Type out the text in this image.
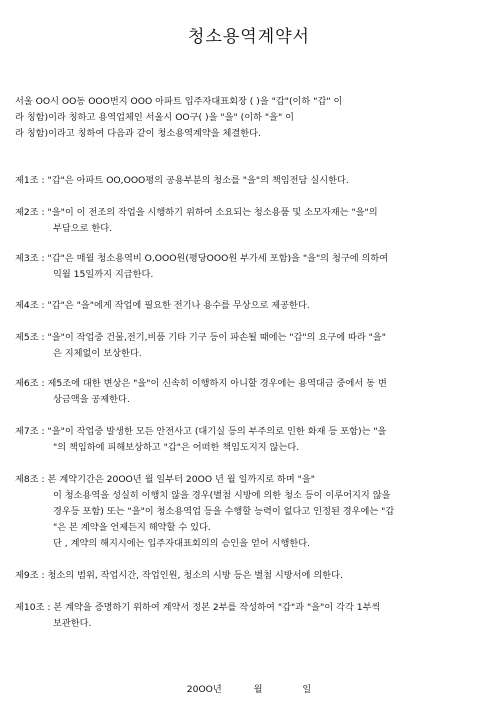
청소용역계약서
서울 OO시 OO동 OOO번지 OOO 아파트 입주자대표회장 ( )을 "갑"(이하 "갑" 이
라 칭함)이라 칭하고 용역업체인 서울시 OO구( )을 "을" (이하 "을" 이
라 칭함)이라고 칭하여 다음과 같이 청소용역계약을 체결한다.
제1조 : "갑"은 아파트 OO,OOO평의 공용부분의 청소를 "을"의 책임전담 실시한다.
제2조 : "을"이 이 전조의 작업을 시행하기 위하여 소요되는 청소용품 및 소모자재는 "을"의
부담으로 한다.
제3조 : "갑"은 매월 청소용역비 O,OOO원(평당OOO원 부가세 포함)을 "을"의 청구에 의하여
익월 15일까지 지급한다.
제4조 : "갑"은 "을"에게 작업에 필요한 전기나 용수를 무상으로 제공한다.
제5조 : "을"이 작업중 건물,전기,비품 기타 기구 등이 파손될 때에는 "갑"의 요구에 따라 "을"
은 지체없이 보상한다.
제6조 : 제5조에 대한 변상은 "을"이 신속히 이행하지 아니할 경우에는 용역대금 중에서 동 변
상금액을 공제한다.
제7조 : "을"이 작업중 발생한 모든 안전사고 (대기실 등의 부주의로 인한 화재 등 포함)는 "을
"의 책임하에 피해보상하고 "갑"은 어떠한 책임도지지 않는다.
제8조 : 본 계약기간은 20OO년 월 일부터 20OO 년 월 일까지로 하며 "을"
이 청소용역을 성실히 이행치 않을 경우(별첨 시방에 의한 청소 등이 이루어지지 않을
경우등 포함) 또는 "을"이 청소용역업 등을 수행할 능력이 없다고 인정된 경우에는 "갑
"은 본 계약을 언제든지 해약할 수 있다.
단 , 계약의 해지시에는 입주자대표회의의 승인을 얻어 시행한다.
제9조 : 청소의 범위, 작업시간, 작업인원, 청소의 시방 등은 별첨 시방서에 의한다.
제10조 : 본 계약을 증명하기 위하여 계약서 정본 2부를 작성하여 "갑"과 "을"이 각각 1부씩
보관한다.
20OO년	월	일
